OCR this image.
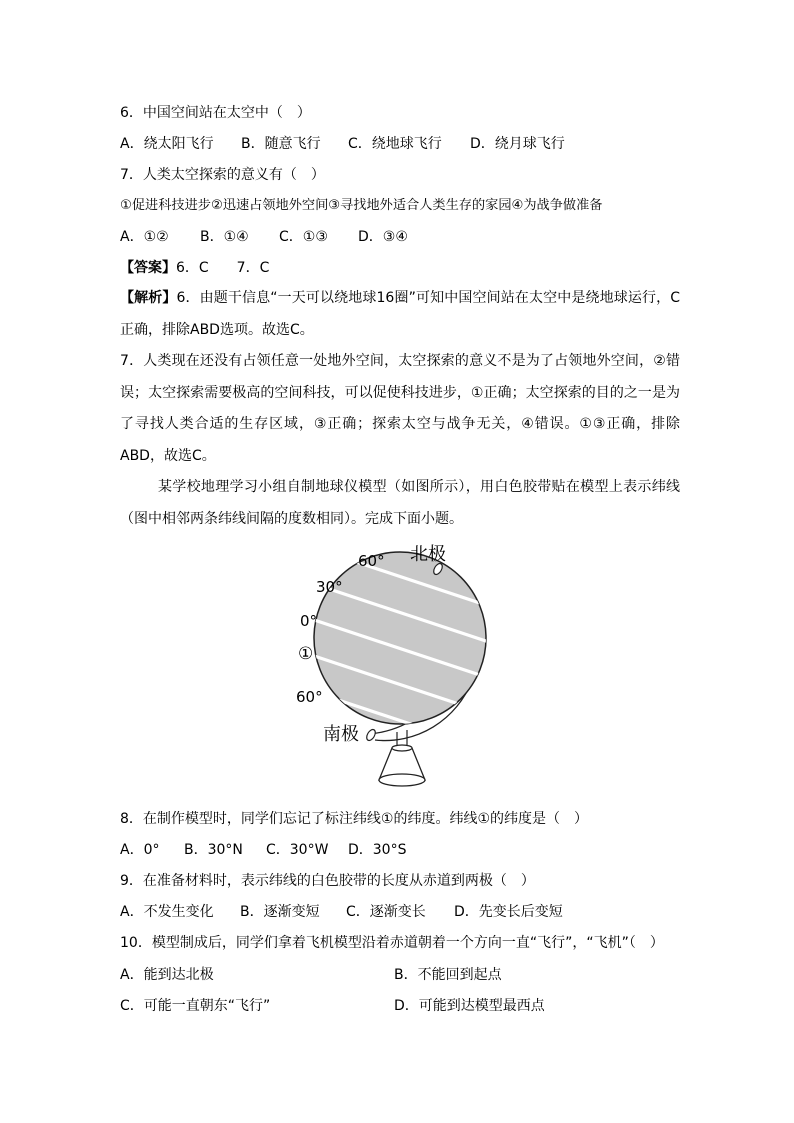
6．中国空间站在太空中（　）
A．绕太阳飞行 B．随意飞行 C．绕地球飞行 D．绕月球飞行
7．人类太空探索的意义有（　）
①促进科技进步②迅速占领地外空间③寻找地外适合人类生存的家园④为战争做准备
A．①② B．①④ C．①③ D．③④
【答案】6．C　　7．C
【解析】6．由题干信息“一天可以绕地球16圈”可知中国空间站在太空中是绕地球运行，C正确，排除ABD选项。故选C。
7．人类现在还没有占领任意一处地外空间，太空探索的意义不是为了占领地外空间，②错误；太空探索需要极高的空间科技，可以促使科技进步，①正确；太空探索的目的之一是为了寻找人类合适的生存区域，③正确；探索太空与战争无关，④错误。①③正确，排除ABD，故选C。
某学校地理学习小组自制地球仪模型（如图所示），用白色胶带贴在模型上表示纬线（图中相邻两条纬线间隔的度数相同）。完成下面小题。
北极
南极
60°
30°
0°
①
60°
8．在制作模型时，同学们忘记了标注纬线①的纬度。纬线①的纬度是（　）
A．0° B．30°N C．30°W D．30°S
9．在准备材料时，表示纬线的白色胶带的长度从赤道到两极（　）
A．不发生变化 B．逐渐变短 C．逐渐变长 D．先变长后变短
10．模型制成后，同学们拿着飞机模型沿着赤道朝着一个方向一直“飞行”，“飞机”（　）
A．能到达北极	B．不能回到起点
C．可能一直朝东“飞行”	D．可能到达模型最西点
